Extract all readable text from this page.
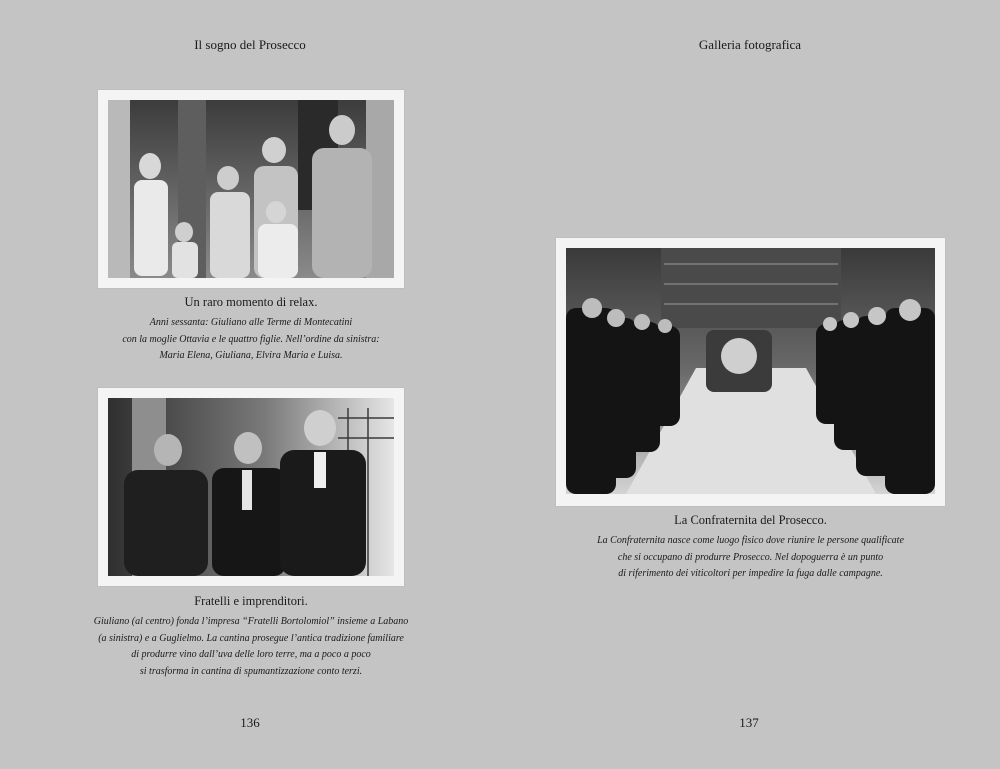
Il sogno del Prosecco
Un raro momento di relax.
Anni sessanta: Giuliano alle Terme di Montecatini
con la moglie Ottavia e le quattro figlie. Nell’ordine da sinistra:
Maria Elena, Giuliana, Elvira Maria e Luisa.
Fratelli e imprenditori.
Giuliano (al centro) fonda l’impresa “Fratelli Bortolomiol” insieme a Labano
(a sinistra) e a Guglielmo. La cantina prosegue l’antica tradizione familiare
di produrre vino dall’uva delle loro terre, ma a poco a poco
si trasforma in cantina di spumantizzazione conto terzi.
136
Galleria fotografica
La Confraternita del Prosecco.
La Confraternita nasce come luogo fisico dove riunire le persone qualificate
che si occupano di produrre Prosecco. Nel dopoguerra è un punto
di riferimento dei viticoltori per impedire la fuga dalle campagne.
137
